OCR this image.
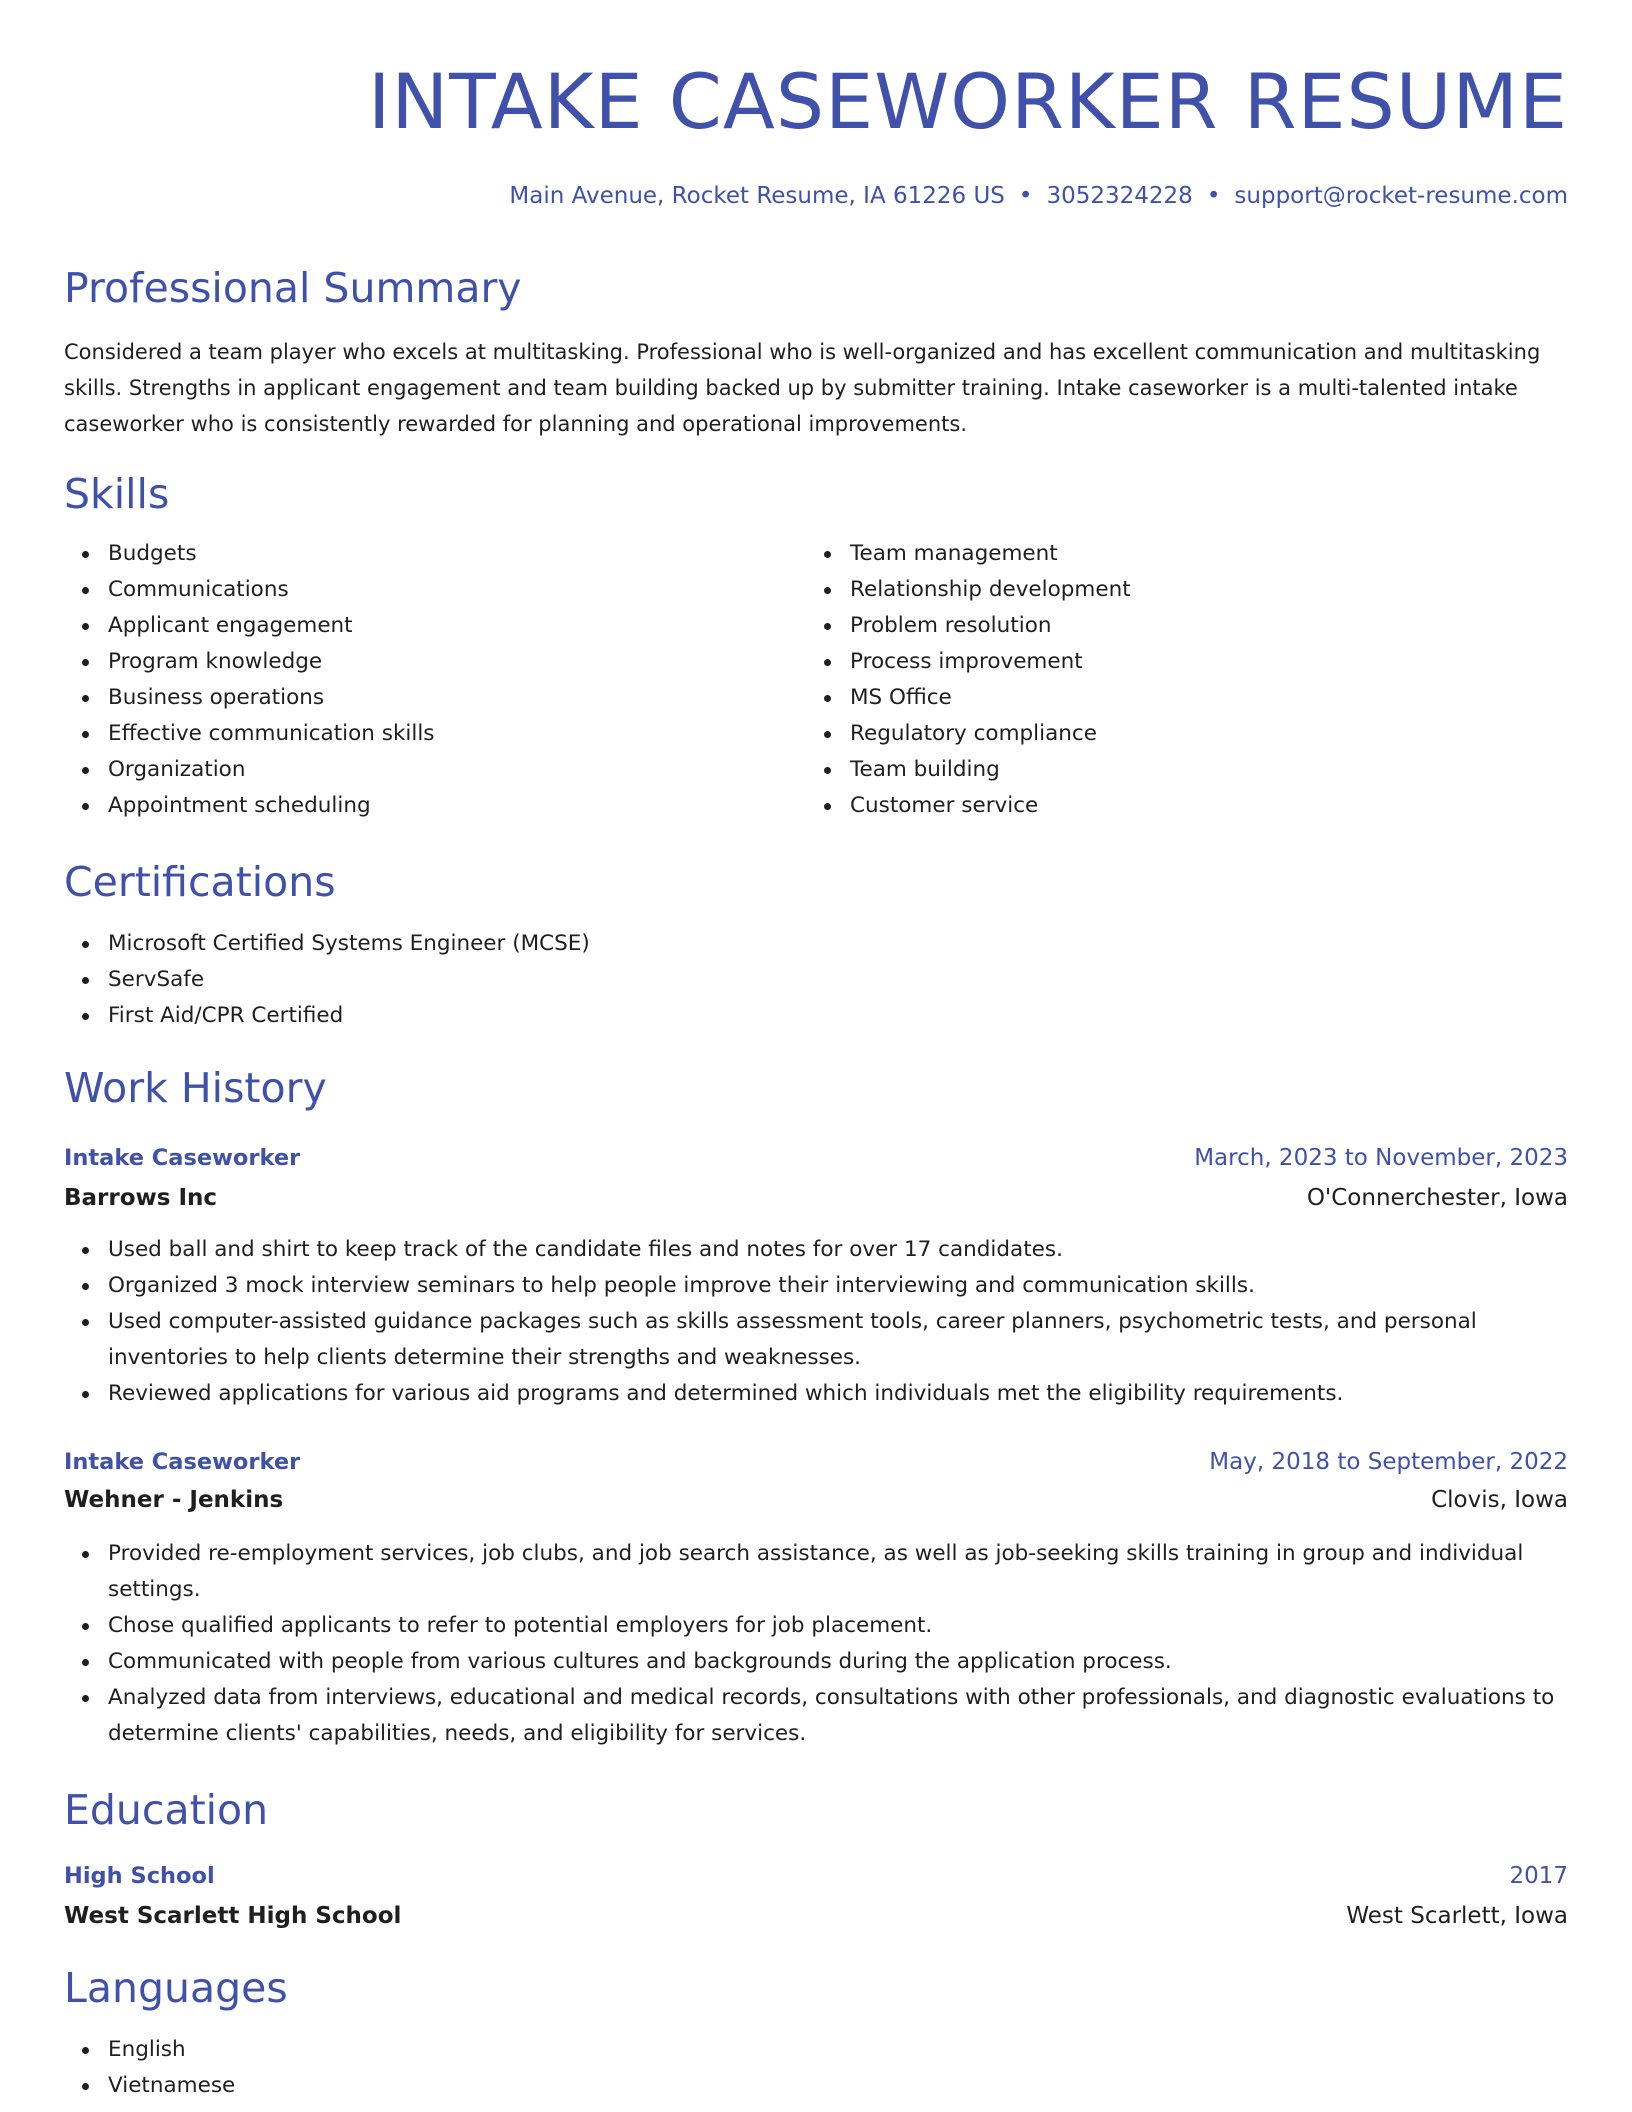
INTAKE CASEWORKER RESUME
Main Avenue, Rocket Resume, IA 61226 US • 3052324228 • support@rocket-resume.com
Professional Summary

Considered a team player who excels at multitasking. Professional who is well-organized and has excellent communication and multitasking skills. Strengths in applicant engagement and team building backed up by submitter training. Intake caseworker is a multi-talented intake caseworker who is consistently rewarded for planning and operational improvements.

Skills
Budgets
Communications
Applicant engagement
Program knowledge
Business operations
Effective communication skills
Organization
Appointment scheduling
Team management
Relationship development
Problem resolution
Process improvement
MS Office
Regulatory compliance
Team building
Customer service
Certifications
Microsoft Certified Systems Engineer (MCSE)
ServSafe
First Aid/CPR Certified
Work History
Intake Caseworker	March, 2023 to November, 2023
Barrows Inc	O'Connerchester, Iowa
Used ball and shirt to keep track of the candidate files and notes for over 17 candidates.
Organized 3 mock interview seminars to help people improve their interviewing and communication skills.
Used computer-assisted guidance packages such as skills assessment tools, career planners, psychometric tests, and personal inventories to help clients determine their strengths and weaknesses.
Reviewed applications for various aid programs and determined which individuals met the eligibility requirements.
Intake Caseworker	May, 2018 to September, 2022
Wehner - Jenkins	Clovis, Iowa
Provided re-employment services, job clubs, and job search assistance, as well as job-seeking skills training in group and individual settings.
Chose qualified applicants to refer to potential employers for job placement.
Communicated with people from various cultures and backgrounds during the application process.
Analyzed data from interviews, educational and medical records, consultations with other professionals, and diagnostic evaluations to determine clients' capabilities, needs, and eligibility for services.
Education
High School	2017
West Scarlett High School	West Scarlett, Iowa
Languages
English
Vietnamese
